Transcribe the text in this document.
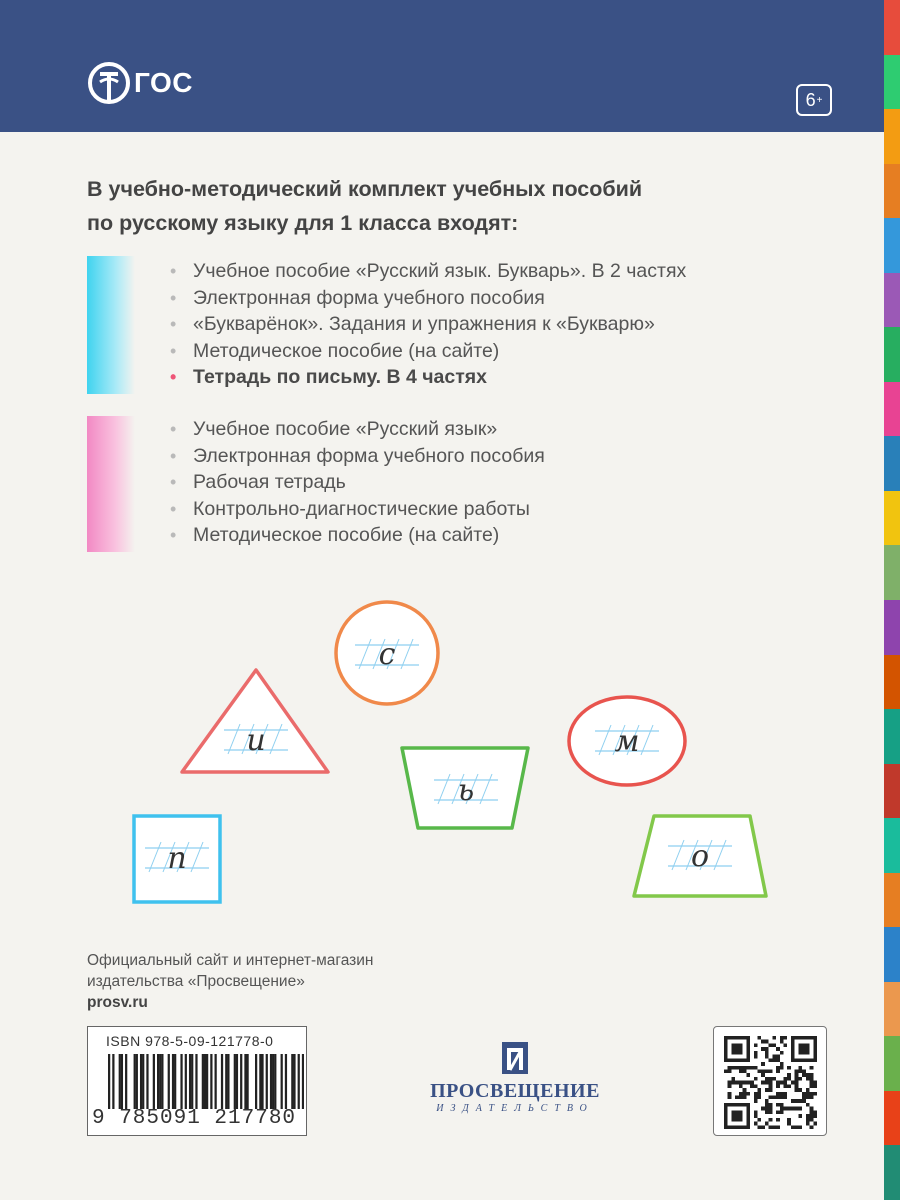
ГОС
6 +
В учебно-методический комплект учебных пособий
по русскому языку для 1 класса входят:
• Учебное пособие «Русский язык. Букварь». В 2 частях
• Электронная форма учебного пособия
• «Букварёнок». Задания и упражнения к «Букварю»
• Методическое пособие (на сайте)
• Тетрадь по письму. В 4 частях
• Учебное пособие «Русский язык»
• Электронная форма учебного пособия
• Рабочая тетрадь
• Контрольно-диагностические работы
• Методическое пособие (на сайте)
с
и	м
ь
п	о
Официальный сайт и интернет-магазин
издательства «Просвещение»
prosv.ru
ISBN 978-5-09-121778-0
9 785091 217780
ПРОСВЕЩЕНИЕ
ИЗДАТЕЛЬСТВО
